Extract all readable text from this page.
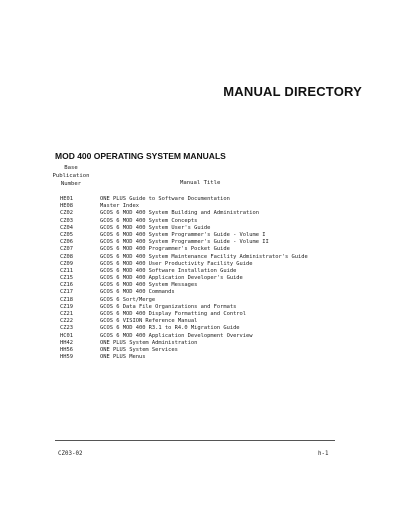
MANUAL DIRECTORY
MOD 400 OPERATING SYSTEM MANUALS
Base
Publication
Number	Manual Title
HE01	ONE PLUS Guide to Software Documentation
HE08	Master Index
CZ02	GCOS 6 MOD 400 System Building and Administration
CZ03	GCOS 6 MOD 400 System Concepts
CZ04	GCOS 6 MOD 400 System User's Guide
CZ05	GCOS 6 MOD 400 System Programmer's Guide - Volume I
CZ06	GCOS 6 MOD 400 System Programmer's Guide - Volume II
CZ07	GCOS 6 MOD 400 Programmer's Pocket Guide
CZ08	GCOS 6 MOD 400 System Maintenance Facility Administrator's Guide
CZ09	GCOS 6 MOD 400 User Productivity Facility Guide
CZ11	GCOS 6 MOD 400 Software Installation Guide
CZ15	GCOS 6 MOD 400 Application Developer's Guide
CZ16	GCOS 6 MOD 400 System Messages
CZ17	GCOS 6 MOD 400 Commands
CZ18	GCOS 6 Sort/Merge
CZ19	GCOS 6 Data File Organizations and Formats
CZ21	GCOS 6 MOD 400 Display Formatting and Control
CZ22	GCOS 6 VISION Reference Manual
CZ23	GCOS 6 MOD 400 R3.1 to R4.0 Migration Guide
HC01	GCOS 6 MOD 400 Application Development Overview
HH42	ONE PLUS System Administration
HH56	ONE PLUS System Services
HH59	ONE PLUS Menus
CZ03-02	h-1
